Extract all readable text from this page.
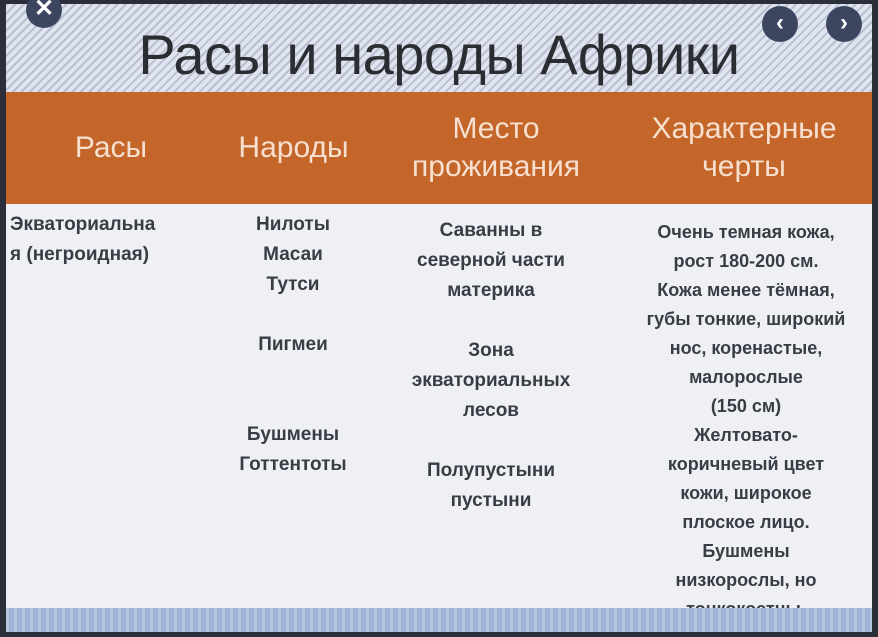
Расы и народы Африки
Расы	Народы
Место проживания
Характерные черты
Экваториальна
я (негроидная)
Нилоты
Масаи
Тутси

Пигмеи

Бушмены
Готтентоты
Саванны в
северной части
материка

Зона
экваториальных
лесов

Полупустыни
пустыни
Очень темная кожа,
рост 180-200 см.
Кожа менее тёмная,
губы тонкие, широкий
нос, коренастые,
малорослые
(150 см)
Желтовато-
коричневый цвет
кожи, широкое
плоское лицо.
Бушмены
низкорослы, но
✕
‹	›
